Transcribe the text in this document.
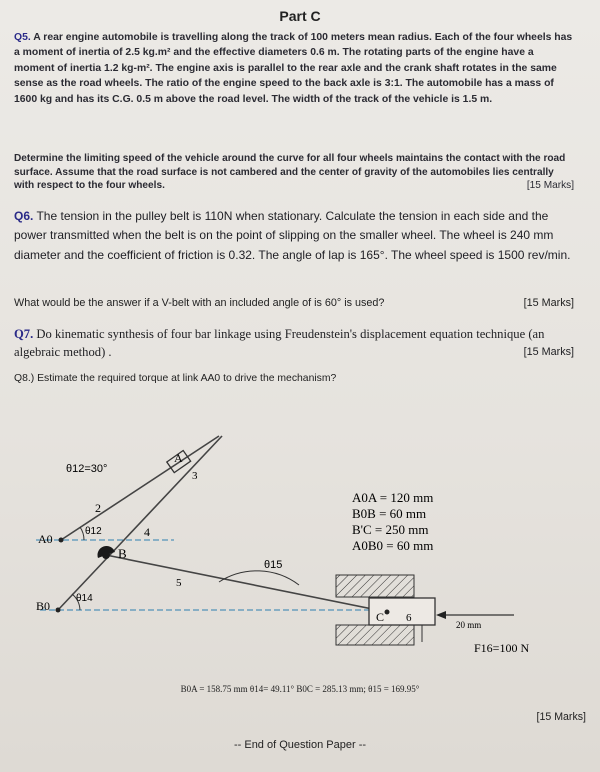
Part C

Q5. A rear engine automobile is travelling along the track of 100 meters mean radius. Each of the four wheels has a moment of inertia of 2.5 kg.m² and the effective diameters 0.6 m. The rotating parts of the engine have a moment of inertia 1.2 kg-m². The engine axis is parallel to the rear axle and the crank shaft rotates in the same sense as the road wheels. The ratio of the engine speed to the back axle is 3:1. The automobile has a mass of 1600 kg and has its C.G. 0.5 m above the road level. The width of the track of the vehicle is 1.5 m.

Determine the limiting speed of the vehicle around the curve for all four wheels maintains the contact with the road surface. Assume that the road surface is not cambered and the center of gravity of the automobiles lies centrally with respect to the four wheels.	[15 Marks]

Q6. The tension in the pulley belt is 110N when stationary. Calculate the tension in each side and the power transmitted when the belt is on the point of slipping on the smaller wheel. The wheel is 240 mm diameter and the coefficient of friction is 0.32. The angle of lap is 165°. The wheel speed is 1500 rev/min.

What would be the answer if a V-belt with an included angle of is 60° is used?	[15 Marks]

Q7. Do kinematic synthesis of four bar linkage using Freudenstein's displacement equation technique (an algebraic method) .	[15 Marks]

Q8.) Estimate the required torque at link AA0 to drive the mechanism?

θ12=30°
A
3
2
4
A0
θ12
B
5
θ15
B0
θ14
C 6
A0A = 120 mm
B0B = 60 mm
B'C = 250 mm
A0B0 = 60 mm
20 mm
F16=100 N
B0A = 158.75 mm θ14= 49.11° B0C = 285.13 mm; θ15 = 169.95°
[15 Marks]
-- End of Question Paper --
